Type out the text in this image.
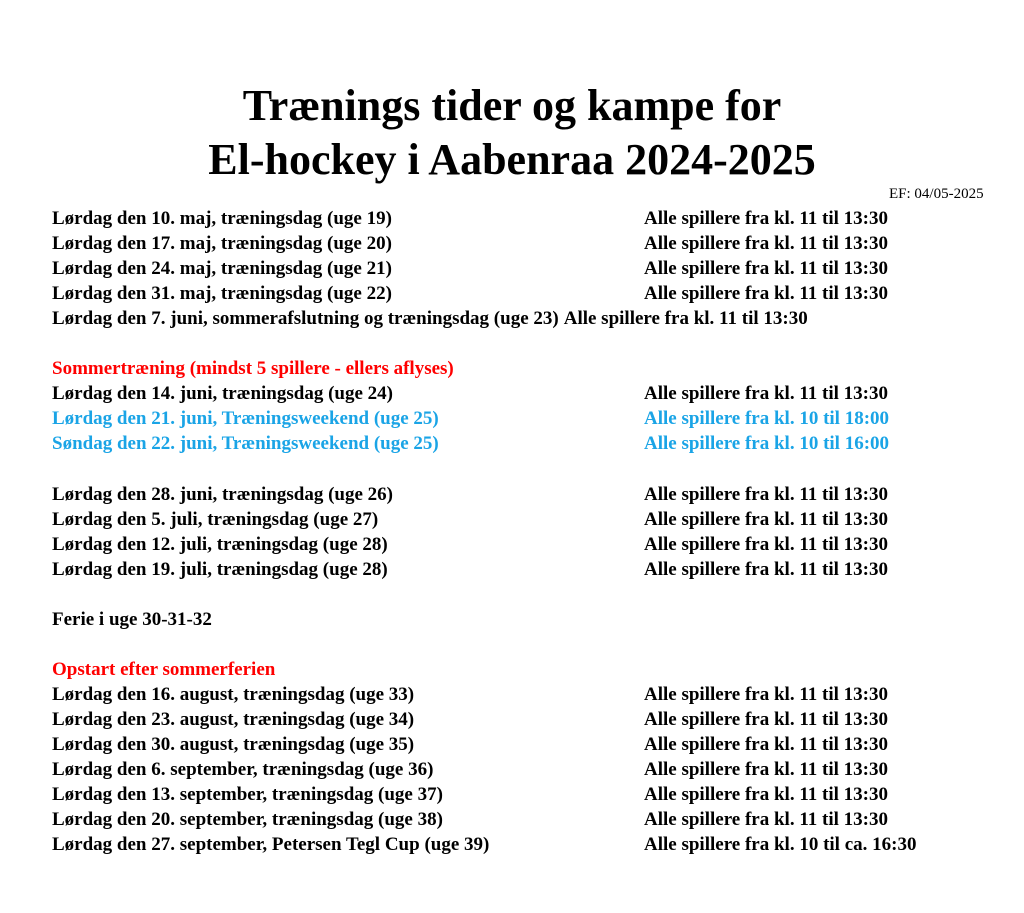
Trænings tider og kampe for
El-hockey i Aabenraa 2024-2025
EF: 04/05-2025
Lørdag den 10. maj, træningsdag (uge 19)	Alle spillere fra kl. 11 til 13:30
Lørdag den 17. maj, træningsdag (uge 20)	Alle spillere fra kl. 11 til 13:30
Lørdag den 24. maj, træningsdag (uge 21)	Alle spillere fra kl. 11 til 13:30
Lørdag den 31. maj, træningsdag (uge 22)	Alle spillere fra kl. 11 til 13:30
Lørdag den 7. juni, sommerafslutning og træningsdag (uge 23) Alle spillere fra kl. 11 til 13:30
Sommertræning (mindst 5 spillere - ellers aflyses)
Lørdag den 14. juni, træningsdag (uge 24)	Alle spillere fra kl. 11 til 13:30
Lørdag den 21. juni, Træningsweekend (uge 25)	Alle spillere fra kl. 10 til 18:00
Søndag den 22. juni, Træningsweekend (uge 25)	Alle spillere fra kl. 10 til 16:00
Lørdag den 28. juni, træningsdag (uge 26)	Alle spillere fra kl. 11 til 13:30
Lørdag den 5. juli, træningsdag (uge 27)	Alle spillere fra kl. 11 til 13:30
Lørdag den 12. juli, træningsdag (uge 28)	Alle spillere fra kl. 11 til 13:30
Lørdag den 19. juli, træningsdag (uge 28)	Alle spillere fra kl. 11 til 13:30
Ferie i uge 30-31-32
Opstart efter sommerferien
Lørdag den 16. august, træningsdag (uge 33)	Alle spillere fra kl. 11 til 13:30
Lørdag den 23. august, træningsdag (uge 34)	Alle spillere fra kl. 11 til 13:30
Lørdag den 30. august, træningsdag (uge 35)	Alle spillere fra kl. 11 til 13:30
Lørdag den 6. september, træningsdag (uge 36)	Alle spillere fra kl. 11 til 13:30
Lørdag den 13. september, træningsdag (uge 37)	Alle spillere fra kl. 11 til 13:30
Lørdag den 20. september, træningsdag (uge 38)	Alle spillere fra kl. 11 til 13:30
Lørdag den 27. september, Petersen Tegl Cup (uge 39)	Alle spillere fra kl. 10 til ca. 16:30
